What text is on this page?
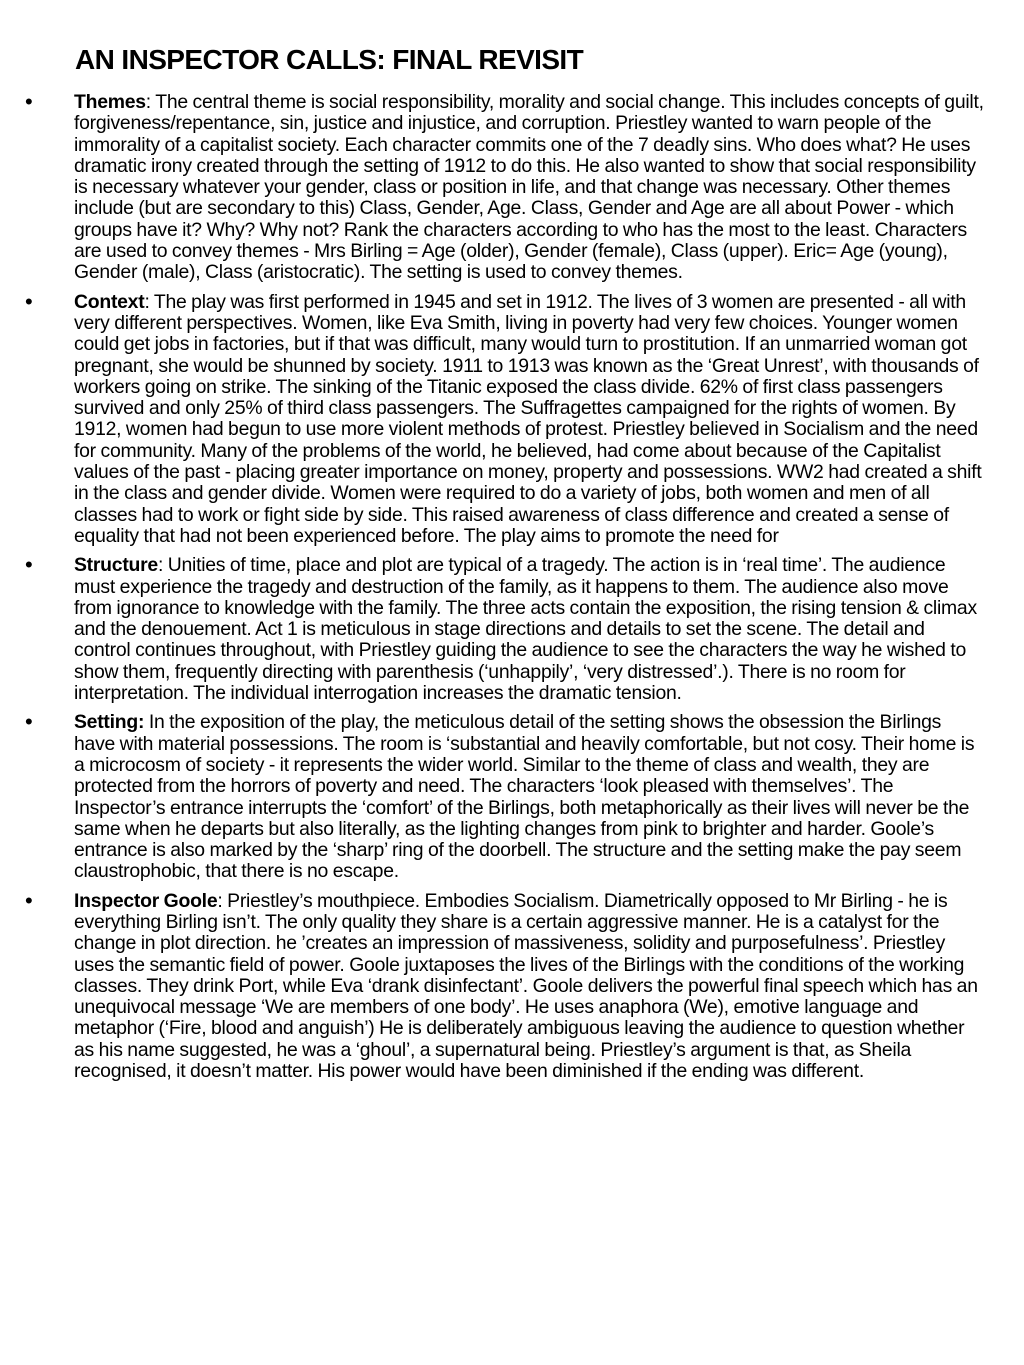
AN INSPECTOR CALLS: FINAL REVISIT
• Themes: The central theme is social responsibility, morality and social change. This includes concepts of guilt, forgiveness/repentance, sin, justice and injustice, and corruption. Priestley wanted to warn people of the immorality of a capitalist society. Each character commits one of the 7 deadly sins. Who does what? He uses dramatic irony created through the setting of 1912 to do this. He also wanted to show that social responsibility is necessary whatever your gender, class or position in life, and that change was necessary. Other themes include (but are secondary to this) Class, Gender, Age. Class, Gender and Age are all about Power - which groups have it? Why? Why not? Rank the characters according to who has the most to the least. Characters are used to convey themes - Mrs Birling = Age (older), Gender (female), Class (upper). Eric= Age (young), Gender (male), Class (aristocratic). The setting is used to convey themes.
• Context: The play was first performed in 1945 and set in 1912. The lives of 3 women are presented - all with very different perspectives. Women, like Eva Smith, living in poverty had very few choices. Younger women could get jobs in factories, but if that was difficult, many would turn to prostitution. If an unmarried woman got pregnant, she would be shunned by society. 1911 to 1913 was known as the ‘Great Unrest’, with thousands of workers going on strike. The sinking of the Titanic exposed the class divide. 62% of first class passengers survived and only 25% of third class passengers. The Suffragettes campaigned for the rights of women. By 1912, women had begun to use more violent methods of protest. Priestley believed in Socialism and the need for community. Many of the problems of the world, he believed, had come about because of the Capitalist values of the past - placing greater importance on money, property and possessions. WW2 had created a shift in the class and gender divide. Women were required to do a variety of jobs, both women and men of all classes had to work or fight side by side. This raised awareness of class difference and created a sense of equality that had not been experienced before. The play aims to promote the need for
• Structure: Unities of time, place and plot are typical of a tragedy. The action is in ‘real time’. The audience must experience the tragedy and destruction of the family, as it happens to them. The audience also move from ignorance to knowledge with the family. The three acts contain the exposition, the rising tension & climax and the denouement. Act 1 is meticulous in stage directions and details to set the scene. The detail and control continues throughout, with Priestley guiding the audience to see the characters the way he wished to show them, frequently directing with parenthesis (‘unhappily’, ‘very distressed’.). There is no room for interpretation. The individual interrogation increases the dramatic tension.
• Setting: In the exposition of the play, the meticulous detail of the setting shows the obsession the Birlings have with material possessions. The room is ‘substantial and heavily comfortable, but not cosy. Their home is a microcosm of society - it represents the wider world. Similar to the theme of class and wealth, they are protected from the horrors of poverty and need. The characters ‘look pleased with themselves’. The Inspector’s entrance interrupts the ‘comfort’ of the Birlings, both metaphorically as their lives will never be the same when he departs but also literally, as the lighting changes from pink to brighter and harder. Goole’s entrance is also marked by the ‘sharp’ ring of the doorbell. The structure and the setting make the pay seem claustrophobic, that there is no escape.
• Inspector Goole: Priestley’s mouthpiece. Embodies Socialism. Diametrically opposed to Mr Birling - he is everything Birling isn’t. The only quality they share is a certain aggressive manner. He is a catalyst for the change in plot direction. he ’creates an impression of massiveness, solidity and purposefulness’. Priestley uses the semantic field of power. Goole juxtaposes the lives of the Birlings with the conditions of the working classes. They drink Port, while Eva ‘drank disinfectant’. Goole delivers the powerful final speech which has an unequivocal message ‘We are members of one body’. He uses anaphora (We), emotive language and metaphor (‘Fire, blood and anguish’) He is deliberately ambiguous leaving the audience to question whether as his name suggested, he was a ‘ghoul’, a supernatural being. Priestley’s argument is that, as Sheila recognised, it doesn’t matter. His power would have been diminished if the ending was different.
